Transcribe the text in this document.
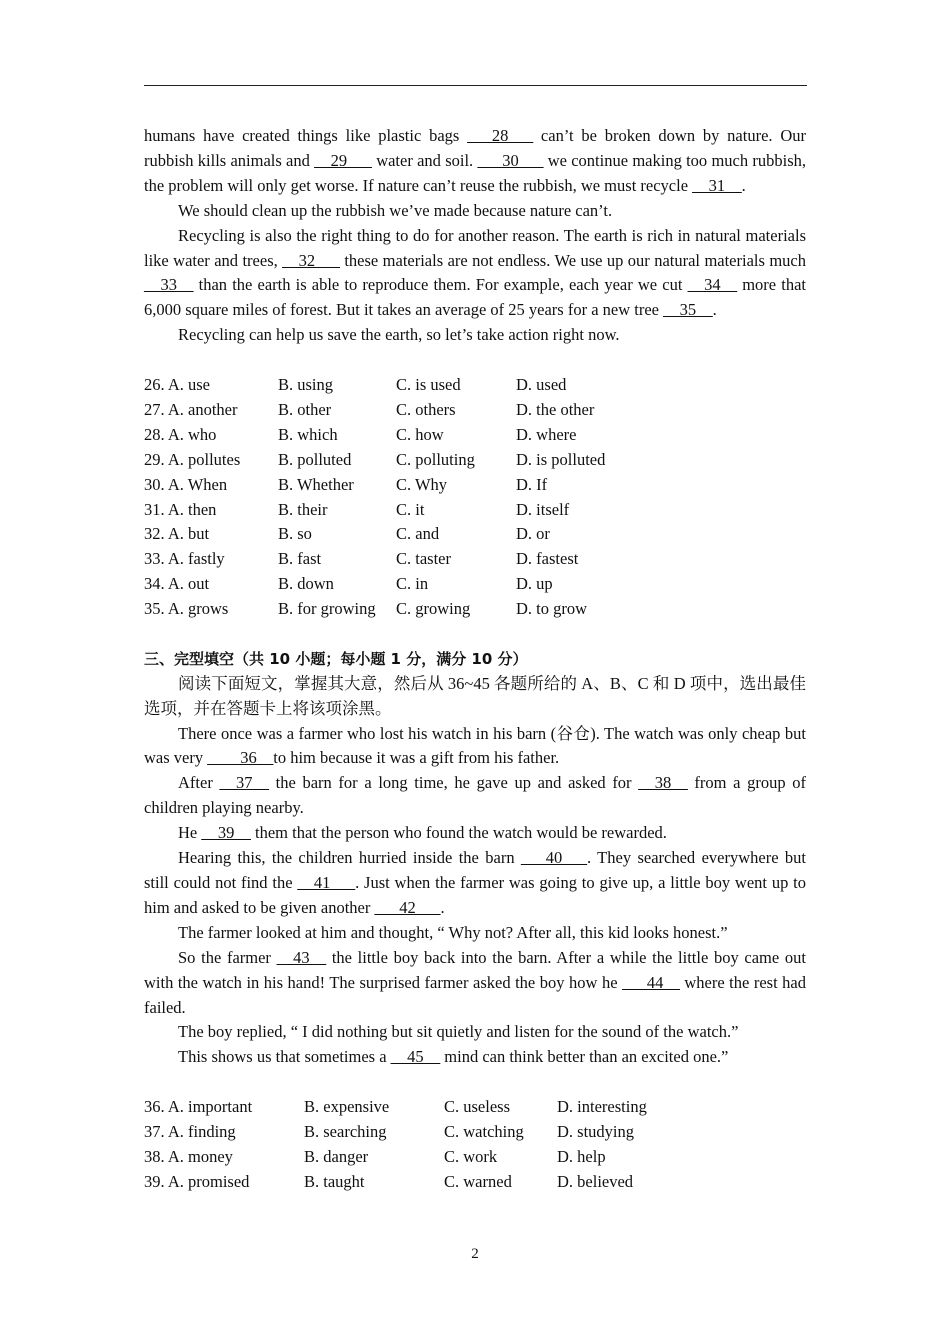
humans have created things like plastic bags ___28___ can’t be broken down by nature. Our rubbish kills animals and __29___ water and soil. ___30___ we continue making too much rubbish, the problem will only get worse. If nature can’t reuse the rubbish, we must recycle __31__.

We should clean up the rubbish we’ve made because nature can’t.

Recycling is also the right thing to do for another reason. The earth is rich in natural materials like water and trees, __32___ these materials are not endless. We use up our natural materials much __33__ than the earth is able to reproduce them. For example, each year we cut __34__ more that 6,000 square miles of forest. But it takes an average of 25 years for a new tree __35__.

Recycling can help us save the earth, so let’s take action right now.

26. A. use	B. using	C. is used	D. used
27. A. another B. other	C. others	D. the other
28. A. who	B. which	C. how	D. where
29. A. pollutes B. polluted	C. polluting D. is polluted
30. A. When	B. Whether	C. Why	D. If
31. A. then	B. their	C. it	D. itself
32. A. but	B. so	C. and	D. or
33. A. fastly	B. fast	C. taster	D. fastest
34. A. out	B. down	C. in	D. up
35. A. grows	B. for growing C. growing	D. to grow

三、完型填空（共 10 小题；每小题 1 分，满分 10 分）

阅读下面短文，掌握其大意，然后从 36~45 各题所给的 A、B、C 和 D 项中，选出最佳选项，并在答题卡上将该项涂黑。

There once was a farmer who lost his watch in his barn (谷仓). The watch was only cheap but was very ____36__to him because it was a gift from his father.

After __37__ the barn for a long time, he gave up and asked for __38__ from a group of children playing nearby.

He __39__ them that the person who found the watch would be rewarded.

Hearing this, the children hurried inside the barn ___40___. They searched everywhere but still could not find the __41___. Just when the farmer was going to give up, a little boy went up to him and asked to be given another ___42___.

The farmer looked at him and thought, “ Why not? After all, this kid looks honest.”

So the farmer __43__ the little boy back into the barn. After a while the little boy came out with the watch in his hand! The surprised farmer asked the boy how he ___44__ where the rest had failed.

The boy replied, “ I did nothing but sit quietly and listen for the sound of the watch.”

This shows us that sometimes a __45__ mind can think better than an excited one.”

36. A. important	B. expensive	C. useless	D. interesting
37. A. finding	B. searching	C. watching D. studying
38. A. money	B. danger	C. work	D. help
39. A. promised	B. taught	C. warned	D. believed
2
